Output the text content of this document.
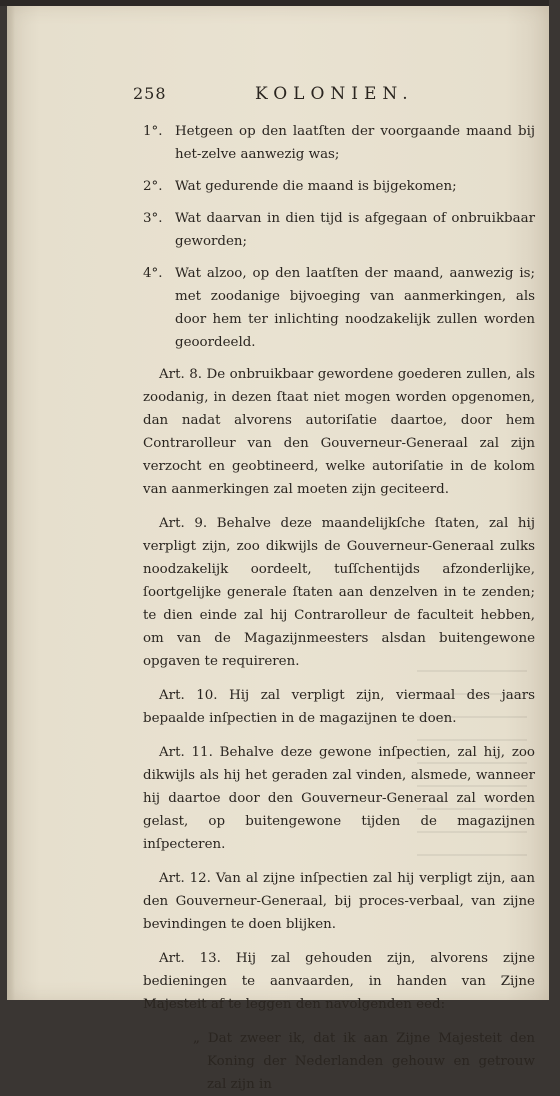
258	KOLONIEN.
1°. Hetgeen op den laatſten der voorgaande maand bij het-zelve aanwezig was;
2°. Wat gedurende die maand is bijgekomen;
3°. Wat daarvan in dien tijd is afgegaan of onbruikbaar geworden;
4°. Wat alzoo, op den laatſten der maand, aanwezig is; met zoodanige bijvoeging van aanmerkingen, als door hem ter inlichting noodzakelijk zullen worden geoordeeld.

Art. 8. De onbruikbaar gewordene goederen zullen, als zoodanig, in dezen ſtaat niet mogen worden opgenomen, dan nadat alvorens autoriſatie daartoe, door hem Contrarolleur van den Gouverneur-Generaal zal zijn verzocht en geobtineerd, welke autoriſatie in de kolom van aanmerkingen zal moeten zijn geciteerd.

Art. 9. Behalve deze maandelijkſche ſtaten, zal hij verpligt zijn, zoo dikwijls de Gouverneur-Generaal zulks noodzakelijk oordeelt, tuſſchentijds afzonderlijke, ſoortgelijke generale ſtaten aan denzelven in te zenden; te dien einde zal hij Contrarolleur de faculteit hebben, om van de Magazijnmeesters alsdan buitengewone opgaven te requireren.

Art. 10. Hij zal verpligt zijn, viermaal des jaars bepaalde inſpectien in de magazijnen te doen.

Art. 11. Behalve deze gewone inſpectien, zal hij, zoo dikwijls als hij het geraden zal vinden, alsmede, wanneer hij daartoe door den Gouverneur-Generaal zal worden gelast, op buitengewone tijden de magazijnen inſpecteren.

Art. 12. Van al zijne inſpectien zal hij verpligt zijn, aan den Gouverneur-Generaal, bij proces-verbaal, van zijne bevindingen te doen blijken.

Art. 13. Hij zal gehouden zijn, alvorens zijne bedieningen te aanvaarden, in handen van Zijne Majesteit af te leggen den navolgenden eed:

„ Dat zweer ik, dat ik aan Zijne Majesteit den Koning der Nederlanden gehouw en getrouw zal zijn in
